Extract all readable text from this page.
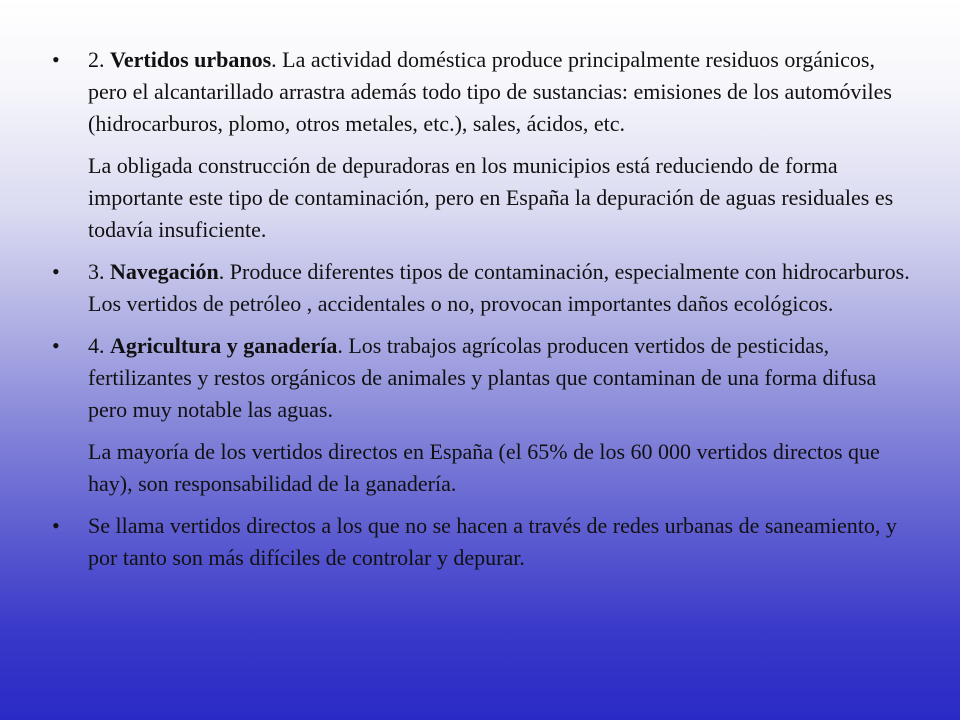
•	2. Vertidos urbanos. La actividad doméstica produce principalmente residuos orgánicos, pero el alcantarillado arrastra además todo tipo de sustancias: emisiones de los automóviles (hidrocarburos, plomo, otros metales, etc.), sales, ácidos, etc.
La obligada construcción de depuradoras en los municipios está reduciendo de forma importante este tipo de contaminación, pero en España la depuración de aguas residuales es todavía insuficiente.
•	3. Navegación. Produce diferentes tipos de contaminación, especialmente con hidrocarburos. Los vertidos de petróleo , accidentales o no, provocan importantes daños ecológicos.
•	4. Agricultura y ganadería. Los trabajos agrícolas producen vertidos de pesticidas, fertilizantes y restos orgánicos de animales y plantas que contaminan de una forma difusa pero muy notable las aguas.
La mayoría de los vertidos directos en España (el 65% de los 60 000 vertidos directos que hay), son responsabilidad de la ganadería.
•	Se llama vertidos directos a los que no se hacen a través de redes urbanas de saneamiento, y por tanto son más difíciles de controlar y depurar.
